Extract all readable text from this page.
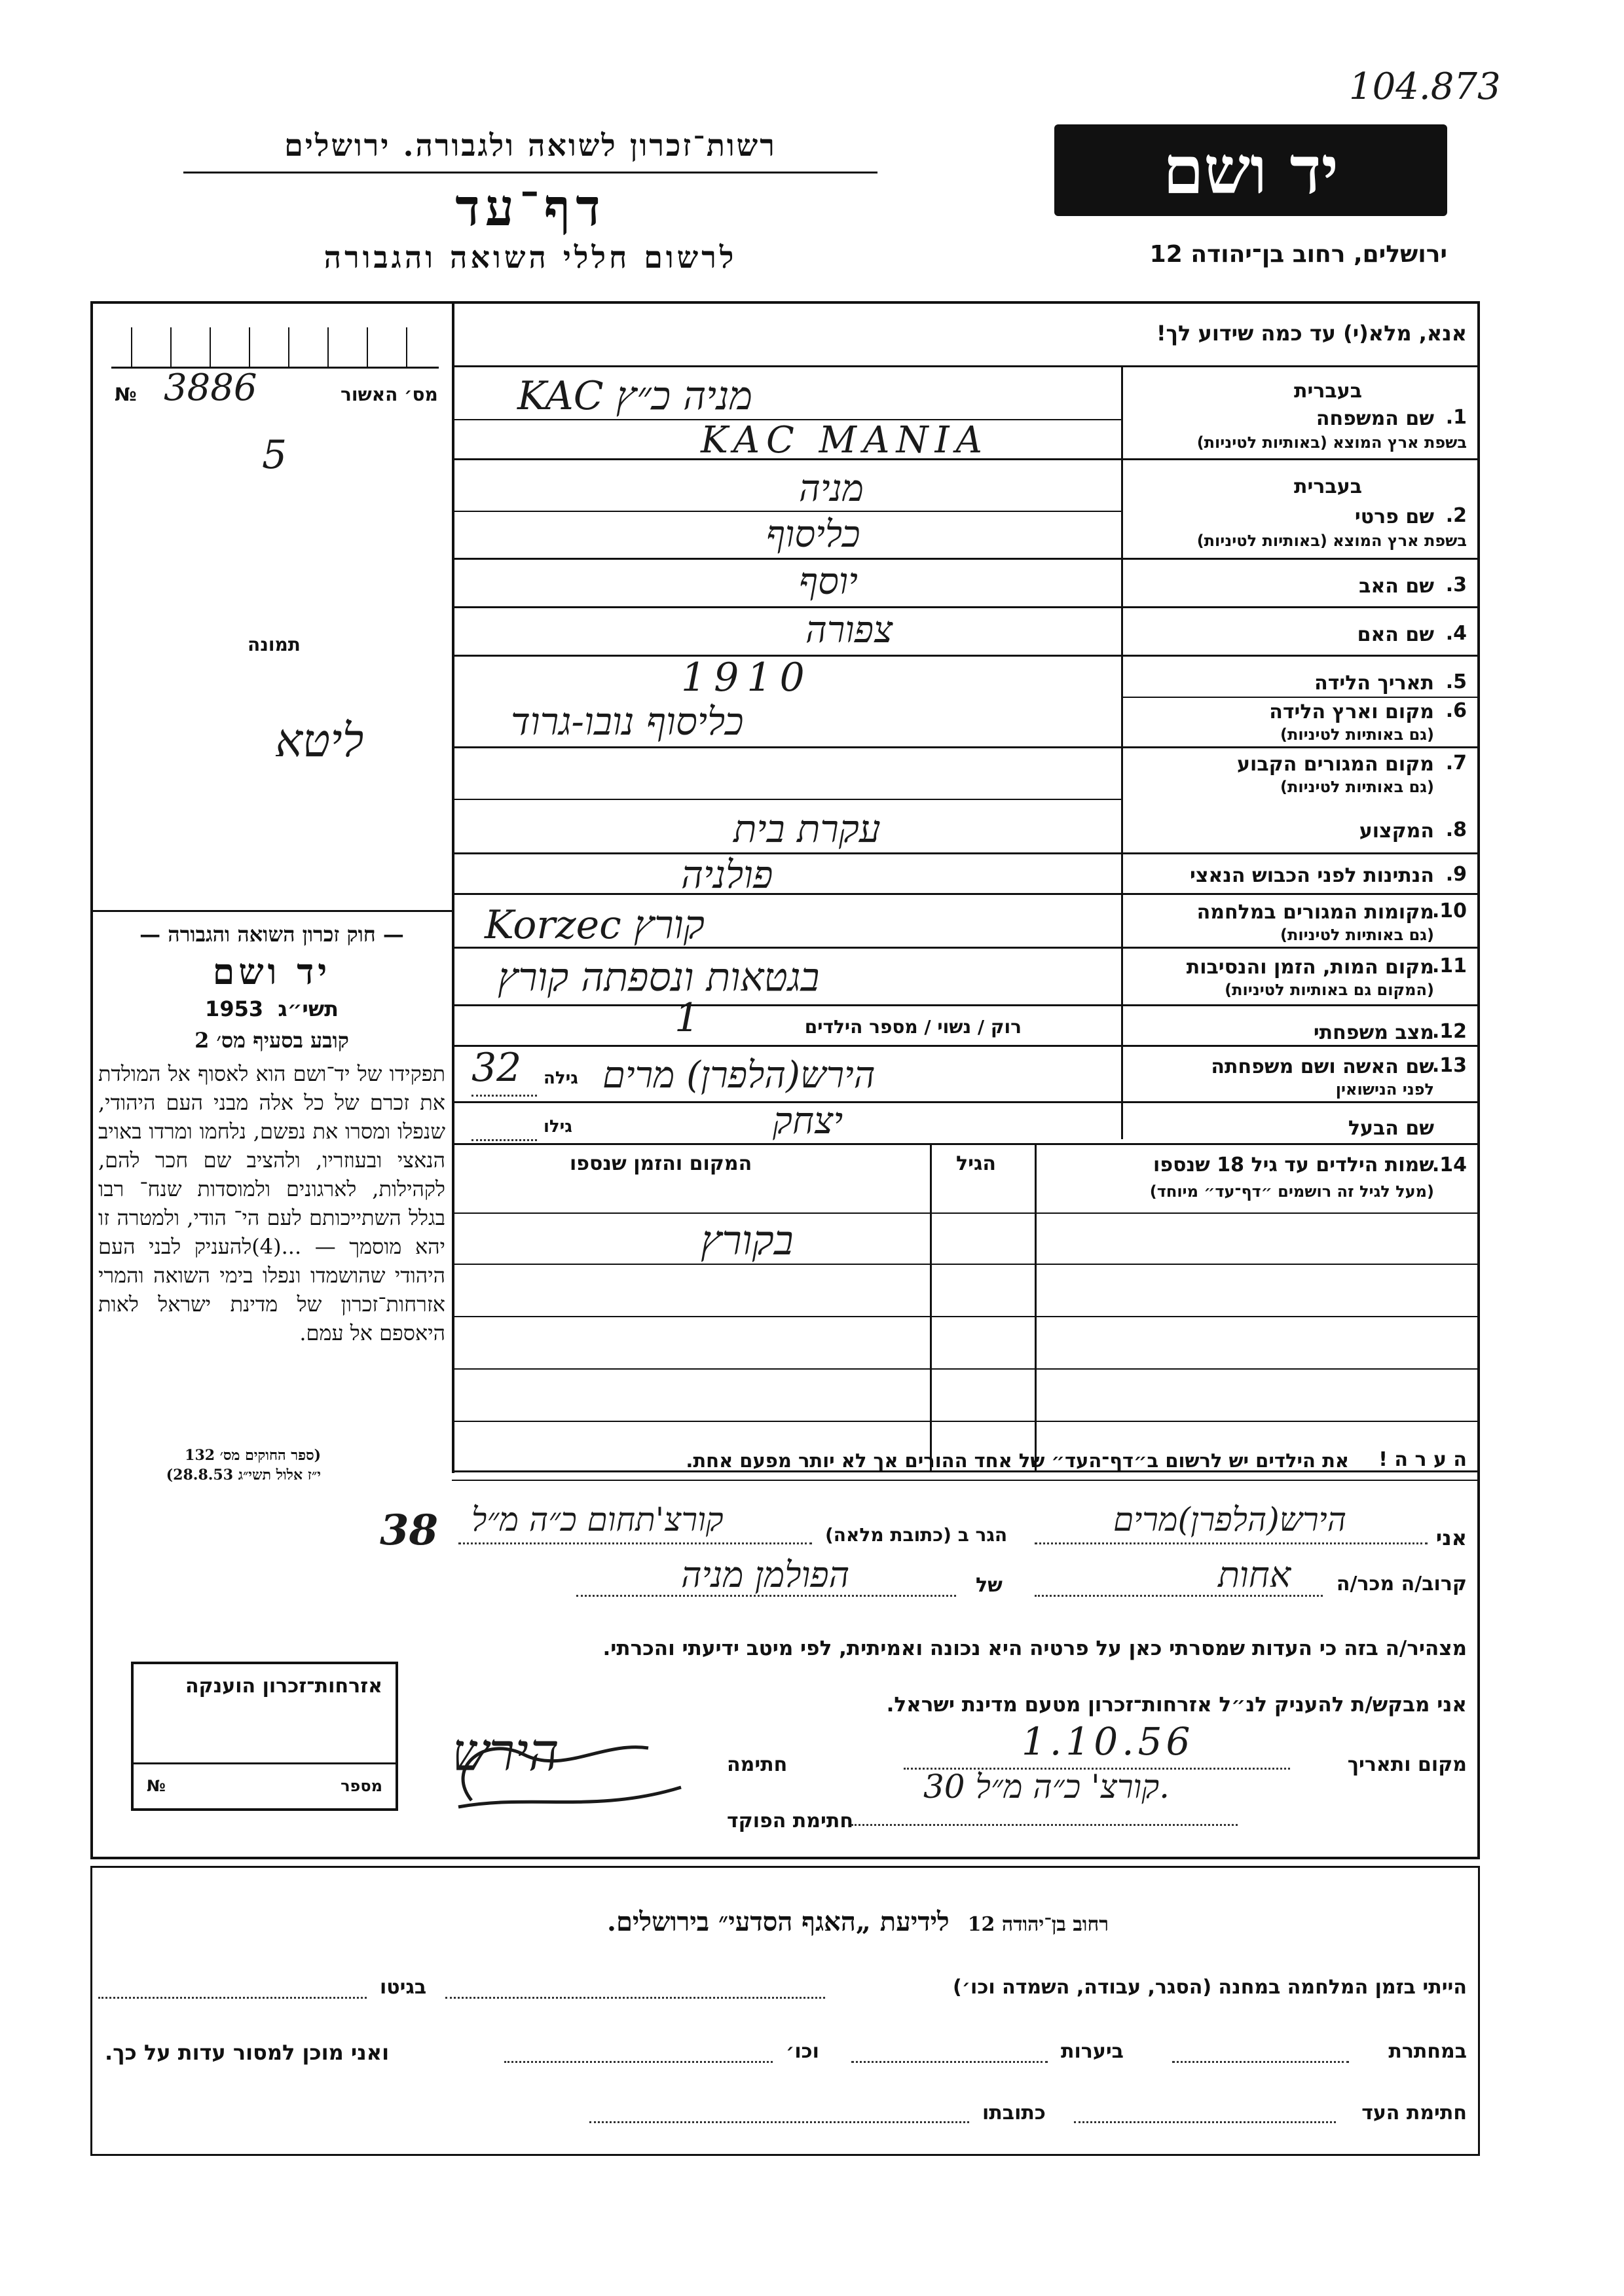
104.873
יד ושם
ירושלים, רחוב בן־יהודה 12
רשות־זכרון לשואה ולגבורה. ירושלים
דף־עד
לרשום חללי השואה והגבורה
מס׳ האשור
№ 3886
5
תמונה
ליטא
— חוק זכרון השואה והגבורה —
יד ושם
1953 תשי״ג
קובע בסעיף מס׳ 2
תפקידו של יד־ושם הוא לאסוף אל המולדת את זכרם של כל אלה מבני העם היהודי, שנפלו ומסרו את נפשם, נלחמו ומרדו באויב הנאצי ובעוזריו, ולהציב שם חכר להם, לקהילות, לארגונים ולמוסדות שנח־ רבו בגלל השתייכותם לעם הי־ הודי, ולמטרה זו יהא מוסמך — ...(4)להעניק לבני העם היהודי שהושמדו ונפלו בימי השואה והמרי אזרחות־זכרון של מדינת ישראל לאות היאספם אל עמם.
(ספר החוקים מס׳ 132
י״ז אלול תשי״ג 28.8.53)
אנא, מלא(י) עד כמה שידוע לך!
1.
שם המשפחה
בעברית
בשפת ארץ המוצא (באותיות לטיניות)
KAC מניה כ״ץ
KAC MANIA
2.
שם פרטי
בעברית
בשפת ארץ המוצא (באותיות לטיניות)
מניה
כליסוף
3.
שם האב
יוסף
4.
שם האם
צפורה
5.
תאריך הלידה
1910
6.
מקום וארץ הלידה
(גם באותיות לטיניות)
כליסוף נובו-גרוד
7.
מקום המגורים הקבוע
(גם באותיות לטיניות)
8.
המקצוע
עקרת בית
9.
הנתינות לפני הכבוש הנאצי
פולניה
10.
מקומות המגורים במלחמה
(גם באותיות לטיניות)
Korzec קורץ
11.
מקום המות, הזמן והנסיבות
(המקום גם באותיות לטיניות)
בגטאות ונספתה קורץ
12.
מצב משפחתי
רוק / נשוי / מספר הילדים
1
13.
שם האשה ושם משפחתה
לפני הנישואין
גילה
32 הירש(הלפרן) מרים
שם הבעל
גילו	יצחק
14.
שמות הילדים עד גיל 18 שנספו
(מעל לגיל זה רושמים ״דף־עד״ מיוחד)
הגיל
המקום והזמן שנספו
בקורץ
ה ע ר ה !
את הילדים יש לרשום ב״דף־העד״ של אחד ההורים אך לא יותר מפעם אחת.
אני
הירש(הלפרן)מרים
הגר ב (כתובת מלאה)
קורצ'תחום כ״ה מ״ל
38
קרוב/ה מכר/ה
אחות
של
הפולמן מניה
מצהיר/ה בזה כי העדות שמסרתי כאן על פרטיה היא נכונה ואמיתית, לפי מיטב ידיעתי והכרתי.
אני מבקש/ת להעניק לנ״ל אזרחות־זכרון מטעם מדינת ישראל.
מקום ותאריך
1.10.56
קורצ' כ״ה מ״ל 30.
חתימה
חתימת הפוקד
הירש
אזרחות־זכרון הוענקה
מספר
№
רחוב בן־יהודה 12  לידיעת „האגף הסדעי״ בירושלים.
הייתי בזמן המלחמה במחנה (הסגר, עבודה, השמדה וכו׳)
בגיטו
במחתרת
ביערות
וכו׳
ואני מוכן למסור עדות על כך.
חתימת העד
כתובתו
